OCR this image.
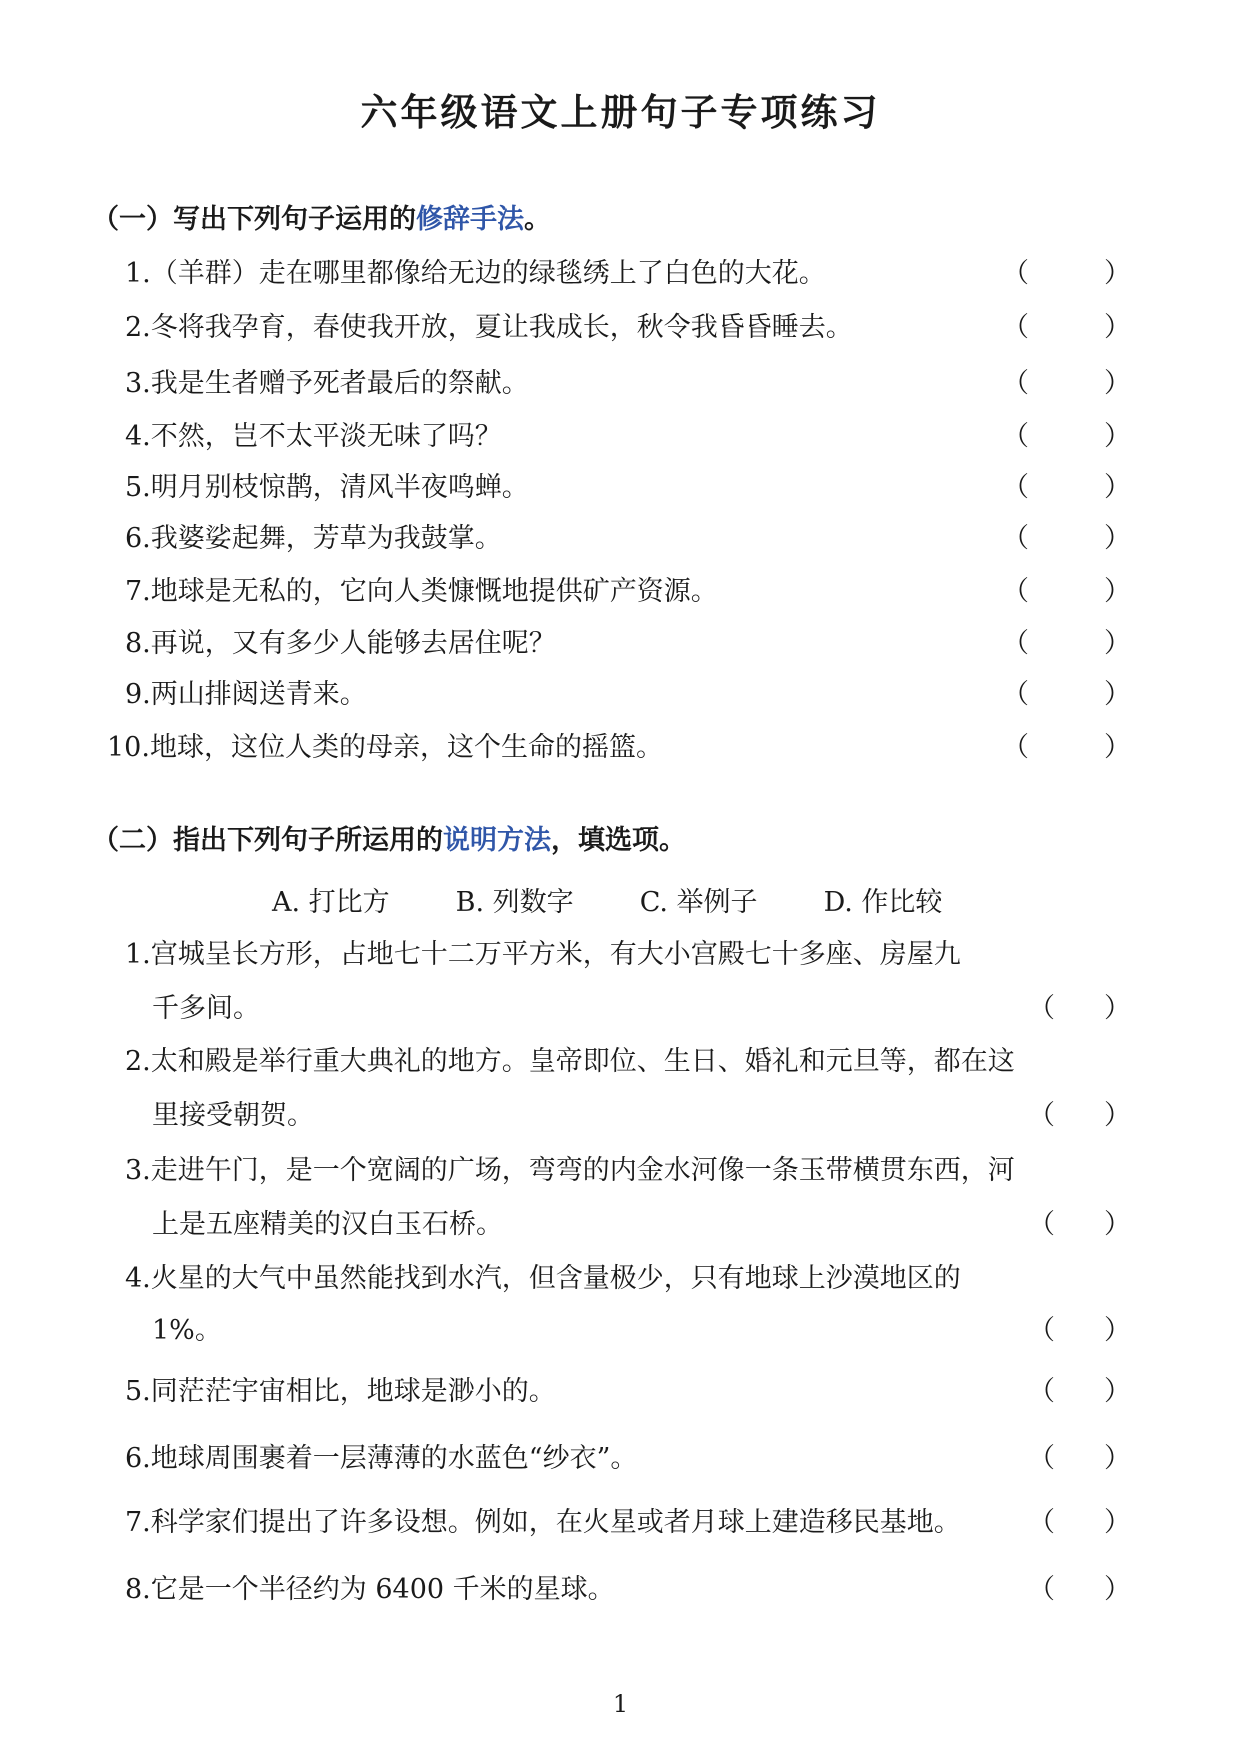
六年级语文上册句子专项练习
（一）写出下列句子运用的修辞手法。
1.（羊群）走在哪里都像给无边的绿毯绣上了白色的大花。	（	）
2.冬将我孕育，春使我开放，夏让我成长，秋令我昏昏睡去。	（	）
3.我是生者赠予死者最后的祭献。	（	）
4.不然，岂不太平淡无味了吗？	（	）
5.明月别枝惊鹊，清风半夜鸣蝉。	（	）
6.我婆娑起舞，芳草为我鼓掌。	（	）
7.地球是无私的，它向人类慷慨地提供矿产资源。	（	）
8.再说，又有多少人能够去居住呢？	（	）
9.两山排闼送青来。	（	）
10.地球，这位人类的母亲，这个生命的摇篮。	（	）
（二）指出下列句子所运用的说明方法，填选项。
A. 打比方 B. 列数字 C. 举例子 D. 作比较
1.宫城呈长方形，占地七十二万平方米，有大小宫殿七十多座、房屋九
千多间。	（ ）
2.太和殿是举行重大典礼的地方。皇帝即位、生日、婚礼和元旦等，都在这
里接受朝贺。	（ ）
3.走进午门，是一个宽阔的广场，弯弯的内金水河像一条玉带横贯东西，河
上是五座精美的汉白玉石桥。	（ ）
4.火星的大气中虽然能找到水汽，但含量极少，只有地球上沙漠地区的
1%。	（ ）
5.同茫茫宇宙相比，地球是渺小的。	（ ）
6.地球周围裹着一层薄薄的水蓝色“纱衣”。	（ ）
7.科学家们提出了许多设想。例如，在火星或者月球上建造移民基地。 （ ）
8.它是一个半径约为 6400 千米的星球。	（ ）
1
